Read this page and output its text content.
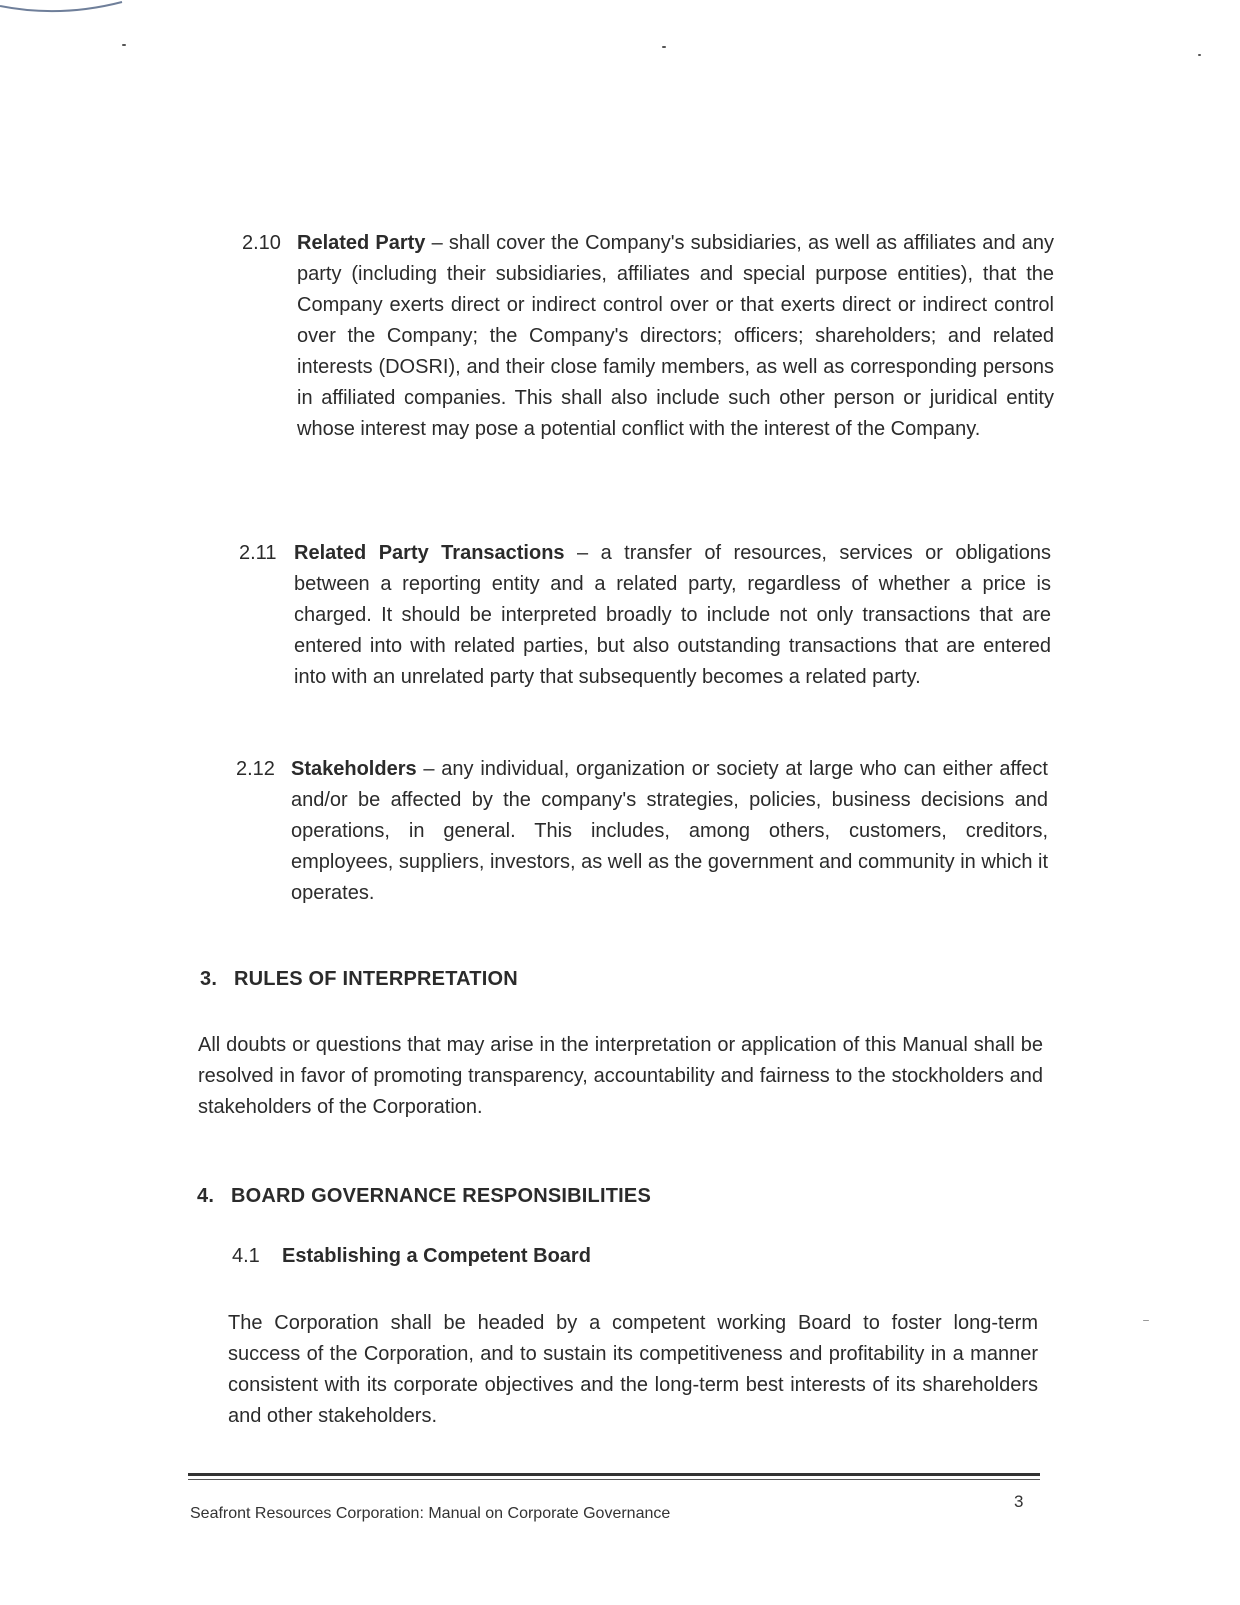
2.10 Related Party – shall cover the Company's subsidiaries, as well as affiliates and any party (including their subsidiaries, affiliates and special purpose entities), that the Company exerts direct or indirect control over or that exerts direct or indirect control over the Company; the Company's directors; officers; shareholders; and related interests (DOSRI), and their close family members, as well as corresponding persons in affiliated companies. This shall also include such other person or juridical entity whose interest may pose a potential conflict with the interest of the Company.
2.11 Related Party Transactions – a transfer of resources, services or obligations between a reporting entity and a related party, regardless of whether a price is charged. It should be interpreted broadly to include not only transactions that are entered into with related parties, but also outstanding transactions that are entered into with an unrelated party that subsequently becomes a related party.
2.12 Stakeholders – any individual, organization or society at large who can either affect and/or be affected by the company's strategies, policies, business decisions and operations, in general. This includes, among others, customers, creditors, employees, suppliers, investors, as well as the government and community in which it operates.
3. RULES OF INTERPRETATION
All doubts or questions that may arise in the interpretation or application of this Manual shall be resolved in favor of promoting transparency, accountability and fairness to the stockholders and stakeholders of the Corporation.
4. BOARD GOVERNANCE RESPONSIBILITIES
4.1 Establishing a Competent Board
The Corporation shall be headed by a competent working Board to foster long-term success of the Corporation, and to sustain its competitiveness and profitability in a manner consistent with its corporate objectives and the long-term best interests of its shareholders and other stakeholders.
Seafront Resources Corporation: Manual on Corporate Governance
3
